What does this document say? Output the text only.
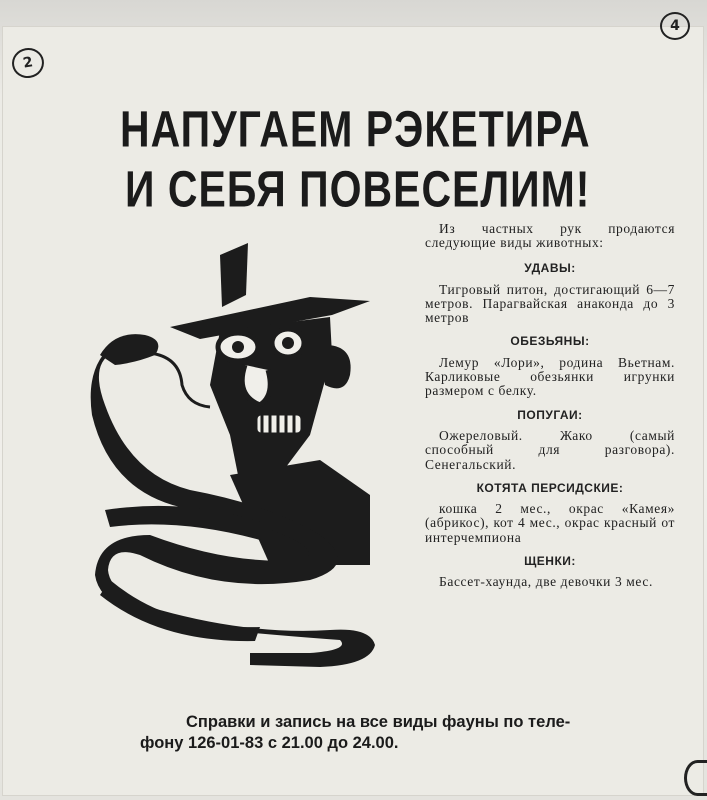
2
4
НАПУГАЕМ РЭКЕТИРА
И СЕБЯ ПОВЕСЕЛИМ!

Из частных рук продаются следующие виды животных:

УДАВЫ:

Тигровый питон, достигающий 6—7 метров. Парагвайская анаконда до 3 метров

ОБЕЗЬЯНЫ:

Лемур «Лори», родина Вьетнам. Карликовые обезьянки игрунки размером с белку.

ПОПУГАИ:

Ожереловый. Жако (самый способный для разговора). Сенегальский.

КОТЯТА ПЕРСИДСКИЕ:

кошка 2 мес., окрас «Камея» (абрикос), кот 4 мес., окрас красный от интерчемпиона

ЩЕНКИ:

Бассет-хаунда, две девочки 3 мес.

Справки и запись на все виды фауны по теле-
фону 126-01-83 с 21.00 до 24.00.
